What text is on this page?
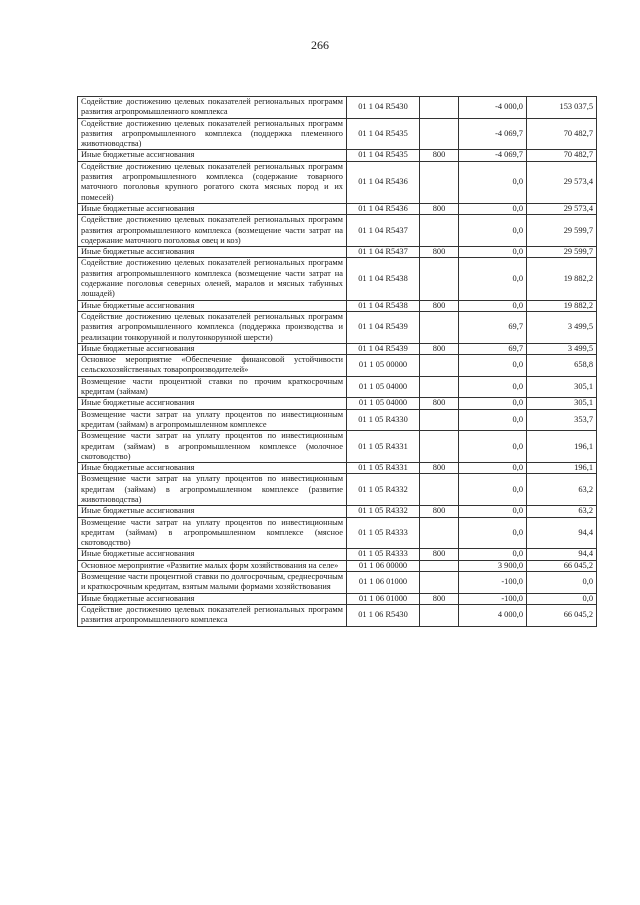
266
Содействие достижению целевых показателей региональных программ развития агропромышленного комплекса	01 1 04 R5430		-4 000,0	153 037,5
Содействие достижению целевых показателей региональных программ развития агропромышленного комплекса (поддержка племенного животноводства)	01 1 04 R5435		-4 069,7	70 482,7
Иные бюджетные ассигнования	01 1 04 R5435	800	-4 069,7	70 482,7
Содействие достижению целевых показателей региональных программ развития агропромышленного комплекса (содержание товарного маточного поголовья крупного рогатого скота мясных пород и их помесей)	01 1 04 R5436		0,0	29 573,4
Иные бюджетные ассигнования	01 1 04 R5436	800	0,0	29 573,4
Содействие достижению целевых показателей региональных программ развития агропромышленного комплекса (возмещение части затрат на содержание маточного поголовья овец и коз)	01 1 04 R5437		0,0	29 599,7
Иные бюджетные ассигнования	01 1 04 R5437	800	0,0	29 599,7
Содействие достижению целевых показателей региональных программ развития агропромышленного комплекса (возмещение части затрат на содержание поголовья северных оленей, маралов и мясных табунных лошадей)	01 1 04 R5438		0,0	19 882,2
Иные бюджетные ассигнования	01 1 04 R5438	800	0,0	19 882,2
Содействие достижению целевых показателей региональных программ развития агропромышленного комплекса (поддержка производства и реализации тонкорунной и полутонкорунной шерсти)	01 1 04 R5439		69,7	3 499,5
Иные бюджетные ассигнования	01 1 04 R5439	800	69,7	3 499,5
Основное мероприятие «Обеспечение финансовой устойчивости сельскохозяйственных товаропроизводителей»	01 1 05 00000		0,0	658,8
Возмещение части процентной ставки по прочим краткосрочным кредитам (займам)	01 1 05 04000		0,0	305,1
Иные бюджетные ассигнования	01 1 05 04000	800	0,0	305,1
Возмещение части затрат на уплату процентов по инвестиционным кредитам (займам) в агропромышленном комплексе	01 1 05 R4330		0,0	353,7
Возмещение части затрат на уплату процентов по инвестиционным кредитам (займам) в агропромышленном комплексе (молочное скотоводство)	01 1 05 R4331		0,0	196,1
Иные бюджетные ассигнования	01 1 05 R4331	800	0,0	196,1
Возмещение части затрат на уплату процентов по инвестиционным кредитам (займам) в агропромышленном комплексе (развитие животноводства)	01 1 05 R4332		0,0	63,2
Иные бюджетные ассигнования	01 1 05 R4332	800	0,0	63,2
Возмещение части затрат на уплату процентов по инвестиционным кредитам (займам) в агропромышленном комплексе (мясное скотоводство)	01 1 05 R4333		0,0	94,4
Иные бюджетные ассигнования	01 1 05 R4333	800	0,0	94,4
Основное мероприятие «Развитие малых форм хозяйствования на селе»	01 1 06 00000		3 900,0	66 045,2
Возмещение части процентной ставки по долгосрочным, среднесрочным и краткосрочным кредитам, взятым малыми формами хозяйствования	01 1 06 01000		-100,0	0,0
Иные бюджетные ассигнования	01 1 06 01000	800	-100,0	0,0
Содействие достижению целевых показателей региональных программ развития агропромышленного комплекса	01 1 06 R5430		4 000,0	66 045,2
